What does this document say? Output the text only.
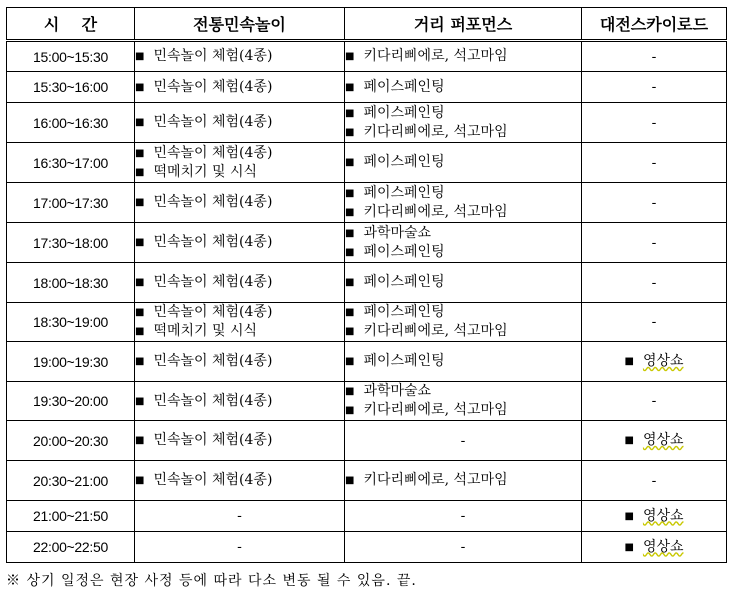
시    간	전통민속놀이	거리 퍼포먼스	대전스카이로드
15:00~15:30	■ 민속놀이 체험(4종)	■ 키다리삐에로, 석고마임	-
15:30~16:00	■ 민속놀이 체험(4종)	■ 페이스페인팅	-
16:00~16:30	■ 민속놀이 체험(4종)	■ 페이스페인팅
■ 키다리삐에로, 석고마임	-
16:30~17:00	■ 민속놀이 체험(4종)
■ 떡메치기 및 시식	■ 페이스페인팅	-
17:00~17:30	■ 민속놀이 체험(4종)	■ 페이스페인팅
■ 키다리삐에로, 석고마임	-
17:30~18:00	■ 민속놀이 체험(4종)	■ 과학마술쇼
■ 페이스페인팅	-
18:00~18:30	■ 민속놀이 체험(4종)	■ 페이스페인팅	-
18:30~19:00	■ 민속놀이 체험(4종)
■ 떡메치기 및 시식	■ 페이스페인팅
■ 키다리삐에로, 석고마임	-
19:00~19:30	■ 민속놀이 체험(4종)	■ 페이스페인팅	■ 영상쇼

19:30~20:00	■ 민속놀이 체험(4종)	■ 과학마술쇼
■ 키다리삐에로, 석고마임	-
20:00~20:30	■ 민속놀이 체험(4종)	-	■ 영상쇼

20:30~21:00	■ 민속놀이 체험(4종)	■ 키다리삐에로, 석고마임	-
21:00~21:50	-	-	■ 영상쇼

22:00~22:50	-	-	■ 영상쇼
※ 상기 일정은 현장 사정 등에 따라 다소 변동 될 수 있음. 끝.
